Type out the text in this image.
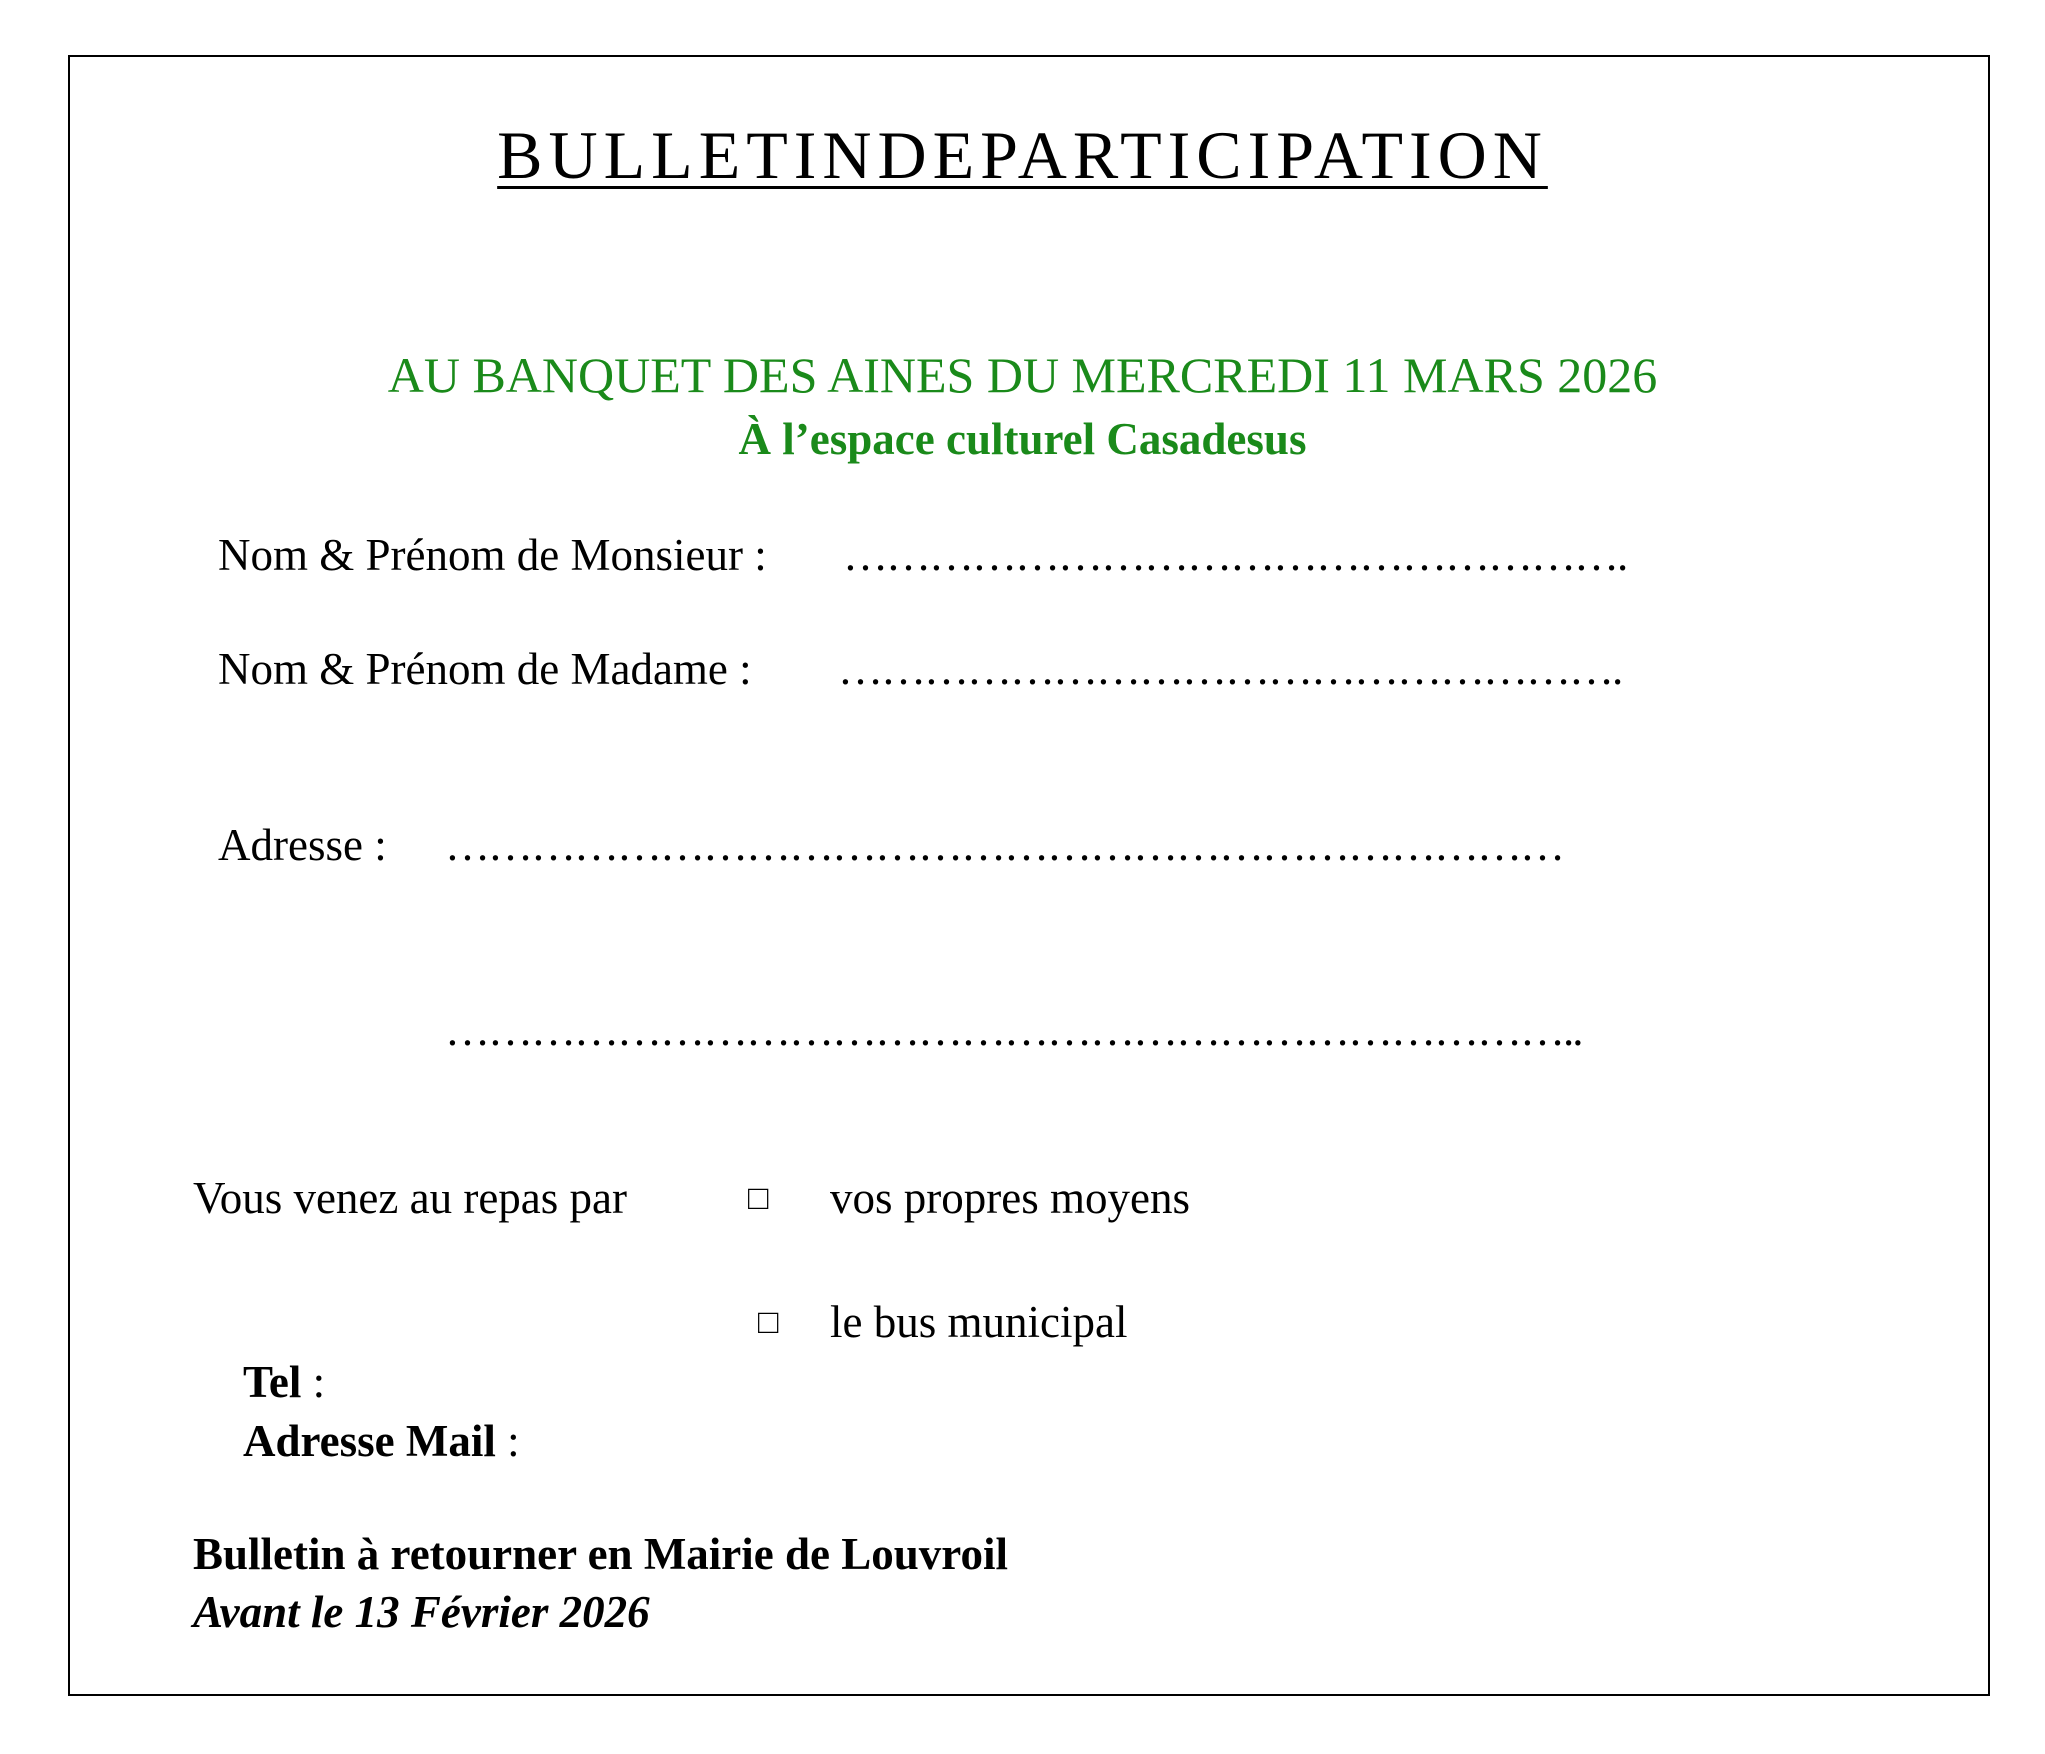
BULLETINDEPARTICIPATION
AU BANQUET DES AINES DU MERCREDI 11 MARS 2026
À l’espace culturel Casadesus
Nom & Prénom de Monsieur : ……………………………………………….
Nom & Prénom de Madame : ……………………………………………….
Adresse : ……………………………………………………………………
……………………………………………………………………..
Vous venez au repas par	□ vos propres moyens
□ le bus municipal
Tel :
Adresse Mail :
Bulletin à retourner en Mairie de Louvroil
Avant le 13 Février 2026
